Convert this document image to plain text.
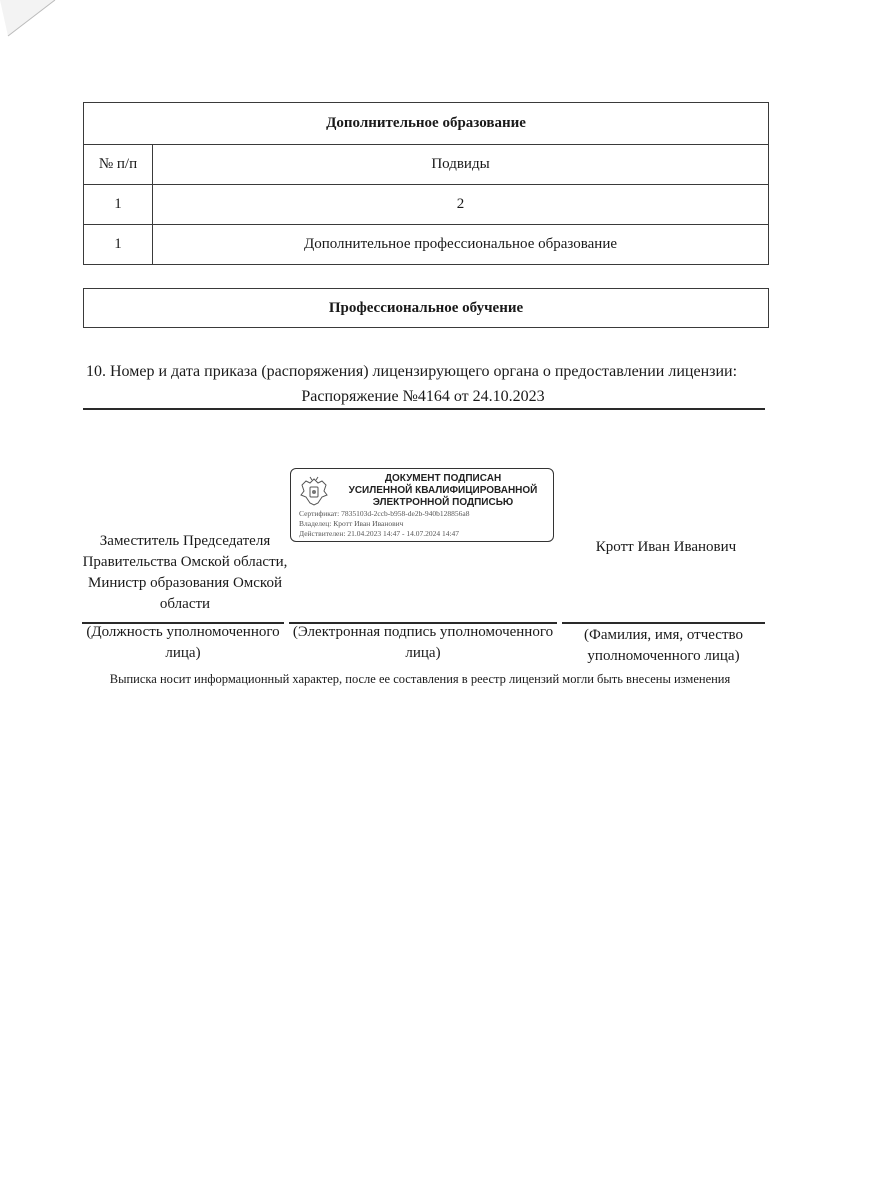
Дополнительное образование	
№ п/п	Подвиды
1	2
1	Дополнительное профессиональное образование
Профессиональное обучение
10. Номер и дата приказа (распоряжения) лицензирующего органа о предоставлении лицензии:
Распоряжение №4164 от 24.10.2023
Заместитель Председателя Правительства Омской области, Министр образования Омской области
ДОКУМЕНТ ПОДПИСАН
УСИЛЕННОЙ КВАЛИФИЦИРОВАННОЙ
ЭЛЕКТРОННОЙ ПОДПИСЬЮ
Сертификат: 7835103d-2ccb-b958-de2b-940b128856a8
Владелец: Кротт Иван Иванович
Действителен: 21.04.2023 14:47 - 14.07.2024 14:47
Кротт Иван Иванович
(Должность уполномоченного лица)
(Электронная подпись уполномоченного лица)
(Фамилия, имя, отчество уполномоченного лица)
Выписка носит информационный характер, после ее составления в реестр лицензий могли быть внесены изменения
